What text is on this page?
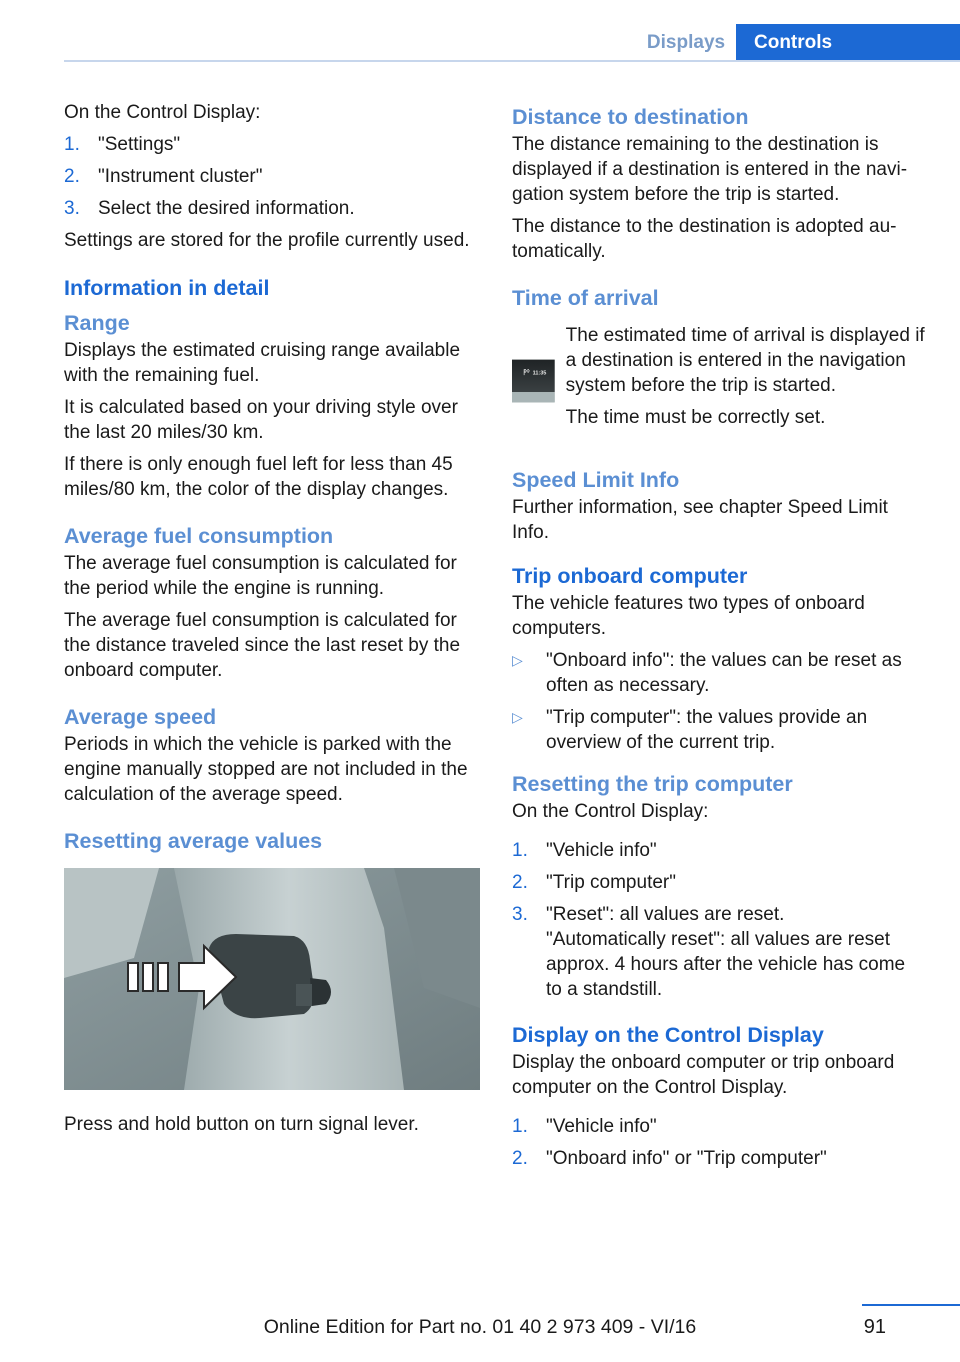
Displays	Controls

On the Control Display:

1. "Settings"
2. "Instrument cluster"
3. Select the desired information.

Settings are stored for the profile currently used.

Information in detail
Range

Displays the estimated cruising range available with the remaining fuel.

It is calculated based on your driving style over the last 20 miles/30 km.

If there is only enough fuel left for less than 45 miles/80 km, the color of the display changes.

Average fuel consumption

The average fuel consumption is calculated for the period while the engine is running.

The average fuel consumption is calculated for the distance traveled since the last reset by the onboard computer.

Average speed

Periods in which the vehicle is parked with the engine manually stopped are not included in the calculation of the average speed.

Resetting average values

Press and hold button on turn signal lever.

Distance to destination

The distance remaining to the destination is displayed if a destination is entered in the navigation system before the trip is started.

The distance to the destination is adopted automatically.

Time of arrival
11:35

The estimated time of arrival is displayed if a destination is entered in the navigation system before the trip is started.

The time must be correctly set.

Speed Limit Info

Further information, see chapter Speed Limit Info.

Trip onboard computer

The vehicle features two types of onboard computers.

▷	"Onboard info": the values can be reset as often as necessary.
▷	"Trip computer": the values provide an overview of the current trip.
Resetting the trip computer

On the Control Display:

1. "Vehicle info"
2. "Trip computer"
3. "Reset": all values are reset.

"Automatically reset": all values are reset approx. 4 hours after the vehicle has come to a standstill.

Display on the Control Display

Display the onboard computer or trip onboard computer on the Control Display.

1. "Vehicle info"
2. "Onboard info" or "Trip computer"
91
Online Edition for Part no. 01 40 2 973 409 - VI/16
